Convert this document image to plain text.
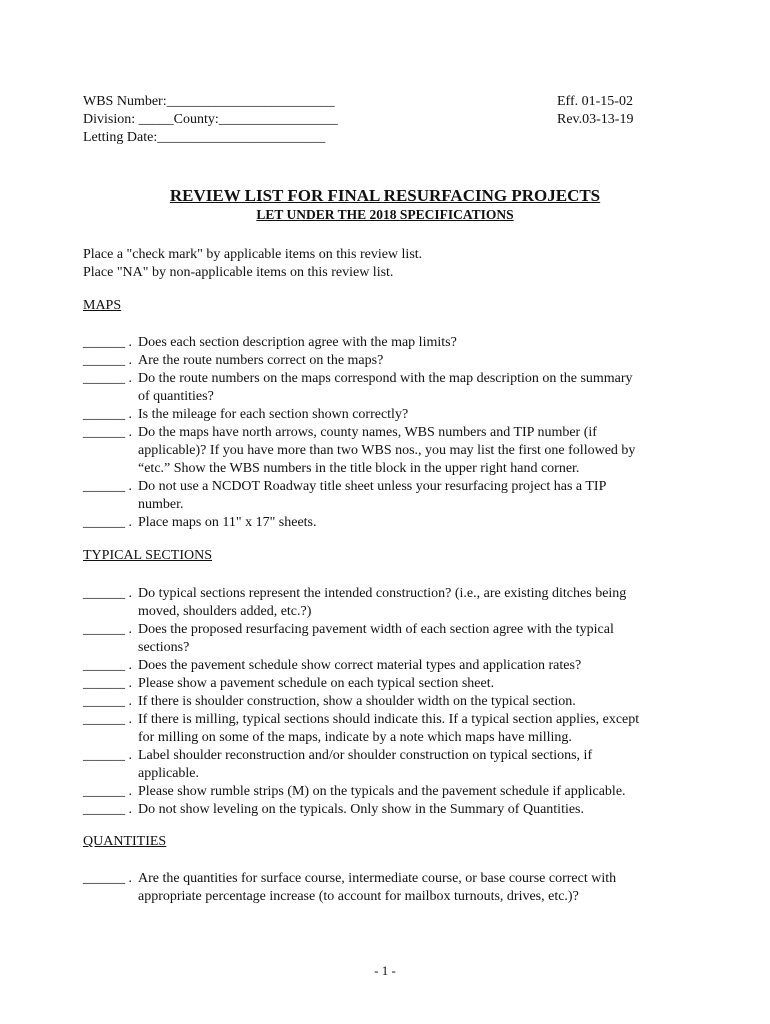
WBS Number:________________________
Division: _____County:_________________
Letting Date:________________________
Eff. 01-15-02
Rev.03-13-19
REVIEW LIST FOR FINAL RESURFACING PROJECTS
LET UNDER THE 2018 SPECIFICATIONS
Place a "check mark" by applicable items on this review list.
Place "NA" by non-applicable items on this review list.
MAPS
______ . Does each section description agree with the map limits?
______ . Are the route numbers correct on the maps?
______ . Do the route numbers on the maps correspond with the map description on the summary
of quantities?
______ . Is the mileage for each section shown correctly?
______ . Do the maps have north arrows, county names, WBS numbers and TIP number (if
applicable)? If you have more than two WBS nos., you may list the first one followed by
“etc.” Show the WBS numbers in the title block in the upper right hand corner.
______ . Do not use a NCDOT Roadway title sheet unless your resurfacing project has a TIP
number.
______ . Place maps on 11" x 17" sheets.
TYPICAL SECTIONS
______ . Do typical sections represent the intended construction? (i.e., are existing ditches being
moved, shoulders added, etc.?)
______ . Does the proposed resurfacing pavement width of each section agree with the typical
sections?
______ . Does the pavement schedule show correct material types and application rates?
______ . Please show a pavement schedule on each typical section sheet.
______ . If there is shoulder construction, show a shoulder width on the typical section.
______ . If there is milling, typical sections should indicate this. If a typical section applies, except
for milling on some of the maps, indicate by a note which maps have milling.
______ . Label shoulder reconstruction and/or shoulder construction on typical sections, if
applicable.
______ . Please show rumble strips (M) on the typicals and the pavement schedule if applicable.
______ . Do not show leveling on the typicals. Only show in the Summary of Quantities.
QUANTITIES
______ . Are the quantities for surface course, intermediate course, or base course correct with
appropriate percentage increase (to account for mailbox turnouts, drives, etc.)?
- 1 -
